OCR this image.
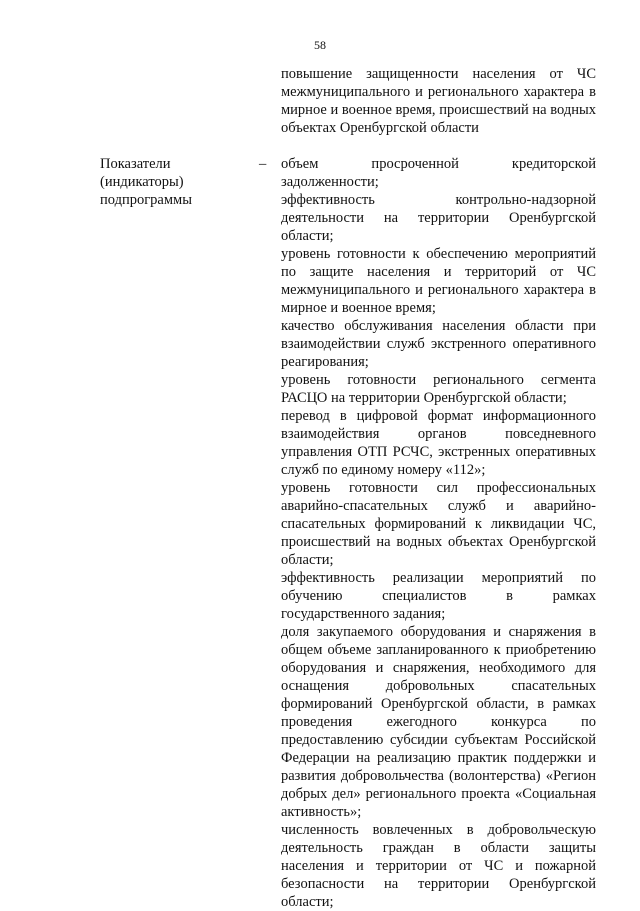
58
повышение защищенности населения от ЧС межмуниципального и регионального характера в мирное и военное время, происшествий на водных объектах Оренбургской области
Показатели (индикаторы) подпрограммы
– объем просроченной кредиторской задолженности;

эффективность контрольно-надзорной деятельности на территории Оренбургской области;

уровень готовности к обеспечению мероприятий по защите населения и территорий от ЧС межмуниципального и регионального характера в мирное и военное время;

качество обслуживания населения области при взаимодействии служб экстренного оперативного реагирования;

уровень готовности регионального сегмента РАСЦО на территории Оренбургской области;

перевод в цифровой формат информационного взаимодействия органов повседневного управления ОТП РСЧС, экстренных оперативных служб по единому номеру «112»;

уровень готовности сил профессиональных аварийно-спасательных служб и аварийно-спасательных формирований к ликвидации ЧС, происшествий на водных объектах Оренбургской области;

эффективность реализации мероприятий по обучению специалистов в рамках государственного задания;

доля закупаемого оборудования и снаряжения в общем объеме запланированного к приобретению оборудования и снаряжения, необходимого для оснащения добровольных спасательных формирований Оренбургской области, в рамках проведения ежегодного конкурса по предоставлению субсидии субъектам Российской Федерации на реализацию практик поддержки и развития добровольчества (волонтерства) «Регион добрых дел» регионального проекта «Социальная активность»;

численность вовлеченных в добровольческую деятельность граждан в области защиты населения и территории от ЧС и пожарной безопасности на территории Оренбургской области;
